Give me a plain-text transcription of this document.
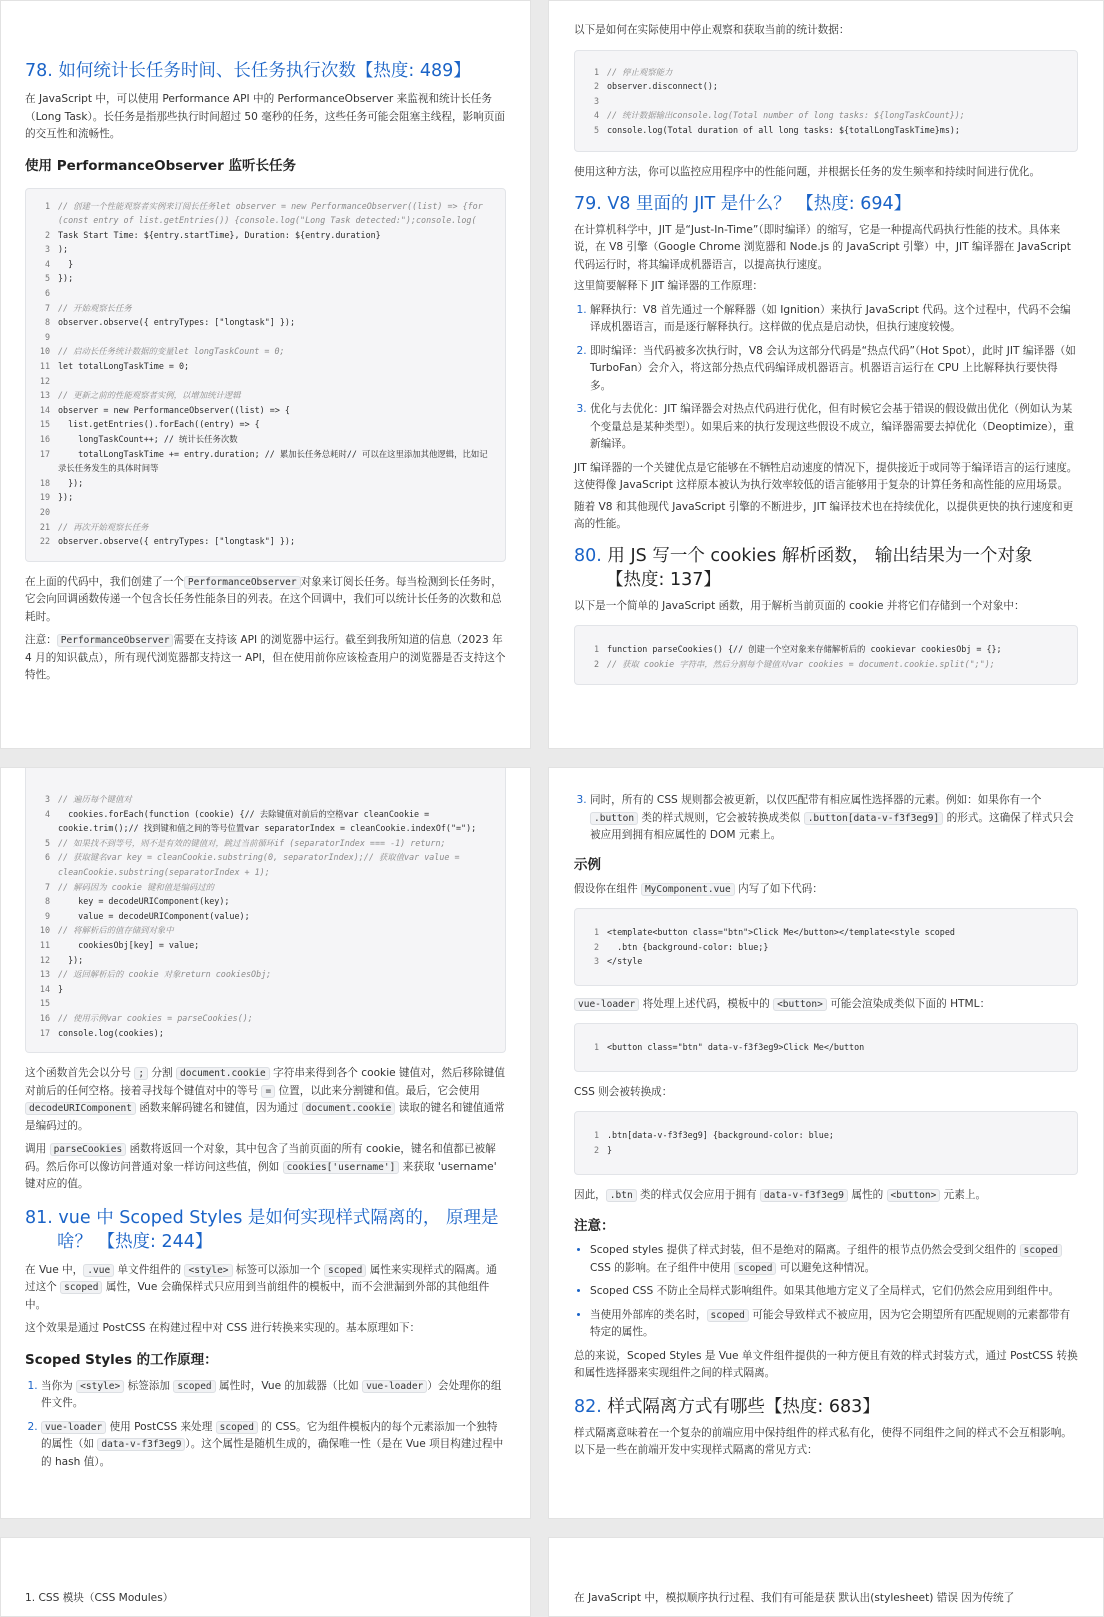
78. 如何统计长任务时间、长任务执行次数【热度: 489】

在 JavaScript 中，可以使用 Performance API 中的 PerformanceObserver 来监视和统计长任务（Long Task）。长任务是指那些执行时间超过 50 毫秒的任务，这些任务可能会阻塞主线程，影响页面的交互性和流畅性。

使用 PerformanceObserver 监听长任务
1 // 创建一个性能观察者实例来订阅长任务let observer = new PerformanceObserver((list) => {for (const entry of list.getEntries()) {console.log("Long Task detected:");console.log(
2 Task Start Time: ${entry.startTime}, Duration: ${entry.duration}
3 );
4 }
5 });
6
7 // 开始观察长任务
8 observer.observe({ entryTypes: ["longtask"] });
9
10 // 启动长任务统计数据的变量let longTaskCount = 0;
11 let totalLongTaskTime = 0;
12
13 // 更新之前的性能观察者实例，以增加统计逻辑
14 observer = new PerformanceObserver((list) => {
15 list.getEntries().forEach((entry) => {
16 longTaskCount++; // 统计长任务次数
17 totalLongTaskTime += entry.duration; // 累加长任务总耗时// 可以在这里添加其他逻辑，比如记录长任务发生的具体时间等
18 });
19 });
20
21 // 再次开始观察长任务
22 observer.observe({ entryTypes: ["longtask"] });

在上面的代码中，我们创建了一个 PerformanceObserver 对象来订阅长任务。每当检测到长任务时，它会向回调函数传递一个包含长任务性能条目的列表。在这个回调中，我们可以统计长任务的次数和总耗时。

注意： PerformanceObserver 需要在支持该 API 的浏览器中运行。截至到我所知道的信息（2023 年 4 月的知识截点），所有现代浏览器都支持这一 API，但在使用前你应该检查用户的浏览器是否支持这个特性。

以下是如何在实际使用中停止观察和获取当前的统计数据：

1 // 停止观察能力
2 observer.disconnect();
3
4 // 统计数据输出console.log(Total number of long tasks: ${longTaskCount});
5 console.log(Total duration of all long tasks: ${totalLongTaskTime}ms);

使用这种方法，你可以监控应用程序中的性能问题，并根据长任务的发生频率和持续时间进行优化。

79. V8 里面的 JIT 是什么？ 【热度: 694】

在计算机科学中，JIT 是“Just-In-Time”（即时编译）的缩写，它是一种提高代码执行性能的技术。具体来说，在 V8 引擎（Google Chrome 浏览器和 Node.js 的 JavaScript 引擎）中，JIT 编译器在 JavaScript 代码运行时，将其编译成机器语言，以提高执行速度。

这里简要解释下 JIT 编译器的工作原理：

1. 解释执行：V8 首先通过一个解释器（如 Ignition）来执行 JavaScript 代码。这个过程中，代码不会编译成机器语言，而是逐行解释执行。这样做的优点是启动快，但执行速度较慢。
2. 即时编译：当代码被多次执行时，V8 会认为这部分代码是“热点代码”（Hot Spot），此时 JIT 编译器（如 TurboFan）会介入，将这部分热点代码编译成机器语言。机器语言运行在 CPU 上比解释执行要快得多。
3. 优化与去优化：JIT 编译器会对热点代码进行优化，但有时候它会基于错误的假设做出优化（例如认为某个变量总是某种类型）。如果后来的执行发现这些假设不成立，编译器需要去掉优化（Deoptimize），重新编译。

JIT 编译器的一个关键优点是它能够在不牺牲启动速度的情况下，提供接近于或同等于编译语言的运行速度。这使得像 JavaScript 这样原本被认为执行效率较低的语言能够用于复杂的计算任务和高性能的应用场景。

随着 V8 和其他现代 JavaScript 引擎的不断进步，JIT 编译技术也在持续优化，以提供更快的执行速度和更高的性能。

80. 用 JS 写一个 cookies 解析函数， 输出结果为一个对象
【热度: 137】

以下是一个简单的 JavaScript 函数，用于解析当前页面的 cookie 并将它们存储到一个对象中：

1 function parseCookies() {// 创建一个空对象来存储解析后的 cookievar cookiesObj = {};
2 // 获取 cookie 字符串，然后分割每个键值对var cookies = document.cookie.split(";");
3 // 遍历每个键值对
4 cookies.forEach(function (cookie) {// 去除键值对前后的空格var cleanCookie = cookie.trim();// 找到键和值之间的等号位置var separatorIndex = cleanCookie.indexOf("=");
5 // 如果找不到等号，则不是有效的键值对，跳过当前循环if (separatorIndex === -1) return;
6 // 获取键名var key = cleanCookie.substring(0, separatorIndex);// 获取值var value = cleanCookie.substring(separatorIndex + 1);
7 // 解码因为 cookie 键和值是编码过的
8 key = decodeURIComponent(key);
9 value = decodeURIComponent(value);
10 // 将解析后的值存储到对象中
11 cookiesObj[key] = value;
12 });
13 // 返回解析后的 cookie 对象return cookiesObj;
14 }
15
16 // 使用示例var cookies = parseCookies();
17 console.log(cookies);

这个函数首先会以分号 ; 分割 document.cookie 字符串来得到各个 cookie 键值对，然后移除键值对前后的任何空格。接着寻找每个键值对中的等号 = 位置，以此来分割键和值。最后，它会使用 decodeURIComponent 函数来解码键名和键值，因为通过 document.cookie 读取的键名和键值通常是编码过的。

调用 parseCookies 函数将返回一个对象，其中包含了当前页面的所有 cookie，键名和值都已被解码。然后你可以像访问普通对象一样访问这些值，例如 cookies['username'] 来获取 'username' 键对应的值。

81. vue 中 Scoped Styles 是如何实现样式隔离的， 原理是
啥？ 【热度: 244】

在 Vue 中， .vue 单文件组件的 <style> 标签可以添加一个 scoped 属性来实现样式的隔离。通过这个 scoped 属性，Vue 会确保样式只应用到当前组件的模板中，而不会泄漏到外部的其他组件中。

这个效果是通过 PostCSS 在构建过程中对 CSS 进行转换来实现的。基本原理如下：

Scoped Styles 的工作原理：
1. 当你为 <style> 标签添加 scoped 属性时，Vue 的加载器（比如 vue-loader ）会处理你的组件文件。
2. vue-loader 使用 PostCSS 来处理 scoped 的 CSS。它为组件模板内的每个元素添加一个独特的属性（如 data-v-f3f3eg9 ）。这个属性是随机生成的，确保唯一性（是在 Vue 项目构建过程中的 hash 值）。
3. 同时，所有的 CSS 规则都会被更新，以仅匹配带有相应属性选择器的元素。例如：如果你有一个 .button 类的样式规则，它会被转换成类似 .button[data-v-f3f3eg9] 的形式。这确保了样式只会被应用到拥有相应属性的 DOM 元素上。
示例

假设你在组件 MyComponent.vue 内写了如下代码：

1 <template<button class="btn">Click Me</button></template<style scoped
2 .btn {background-color: blue;}
3 </style

vue-loader 将处理上述代码，模板中的 <button> 可能会渲染成类似下面的 HTML：

1 <button class="btn" data-v-f3f3eg9>Click Me</button

CSS 则会被转换成：

1 .btn[data-v-f3f3eg9] {background-color: blue;
2 }

因此， .btn 类的样式仅会应用于拥有 data-v-f3f3eg9 属性的 <button> 元素上。

注意：
• Scoped styles 提供了样式封装，但不是绝对的隔离。子组件的根节点仍然会受到父组件的 scoped CSS 的影响。在子组件中使用 scoped 可以避免这种情况。
• Scoped CSS 不防止全局样式影响组件。如果其他地方定义了全局样式，它们仍然会应用到组件中。
• 当使用外部库的类名时， scoped 可能会导致样式不被应用，因为它会期望所有匹配规则的元素都带有特定的属性。

总的来说，Scoped Styles 是 Vue 单文件组件提供的一种方便且有效的样式封装方式，通过 PostCSS 转换和属性选择器来实现组件之间的样式隔离。

82. 样式隔离方式有哪些【热度: 683】

样式隔离意味着在一个复杂的前端应用中保持组件的样式私有化，使得不同组件之间的样式不会互相影响。以下是一些在前端开发中实现样式隔离的常见方式：

1. CSS 模块（CSS Modules）	在 JavaScript 中，模拟顺序执行过程、我们有可能是获 默认出(stylesheet) 错误 因为传统了
